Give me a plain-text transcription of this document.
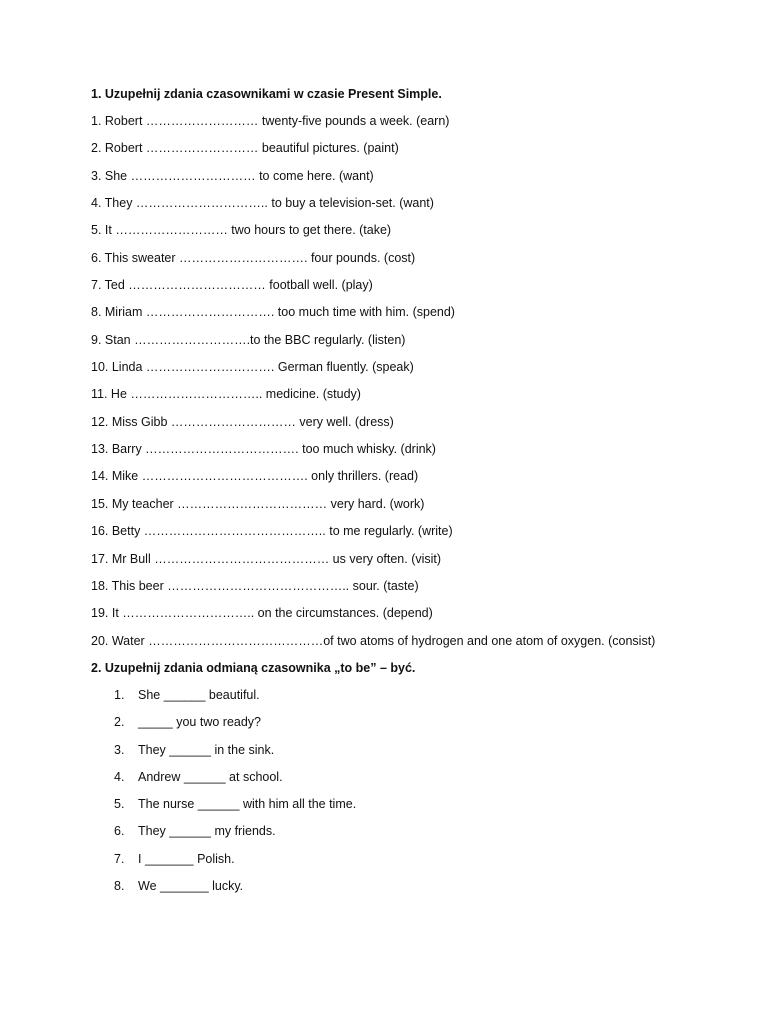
1. Uzupełnij zdania czasownikami w czasie Present Simple.
1. Robert ……………………… twenty-five pounds a week. (earn)
2. Robert ……………………… beautiful pictures. (paint)
3. She ………………………… to come here. (want)
4. They ………………………….. to buy a television-set. (want)
5. It ……………………… two hours to get there. (take)
6. This sweater …………………………. four pounds. (cost)
7. Ted …………………………… football well. (play)
8. Miriam …………………………. too much time with him. (spend)
9. Stan ……………………….to the BBC regularly. (listen)
10. Linda …………………………. German fluently. (speak)
11. He ………………………….. medicine. (study)
12. Miss Gibb ………………………… very well. (dress)
13. Barry ………………………………. too much whisky. (drink)
14. Mike …………………………………. only thrillers. (read)
15. My teacher ……………………………… very hard. (work)
16. Betty …………………………………….. to me regularly. (write)
17. Mr Bull …………………………………… us very often. (visit)
18. This beer …………………………………….. sour. (taste)
19. It ………………………….. on the circumstances. (depend)
20. Water ……………………………………of two atoms of hydrogen and one atom of oxygen. (consist)
2. Uzupełnij zdania odmianą czasownika „to be” – być.
1. She ______ beautiful.
2. _____ you two ready?
3. They ______ in the sink.
4. Andrew ______ at school.
5. The nurse ______ with him all the time.
6. They ______ my friends.
7. I _______ Polish.
8. We _______ lucky.
